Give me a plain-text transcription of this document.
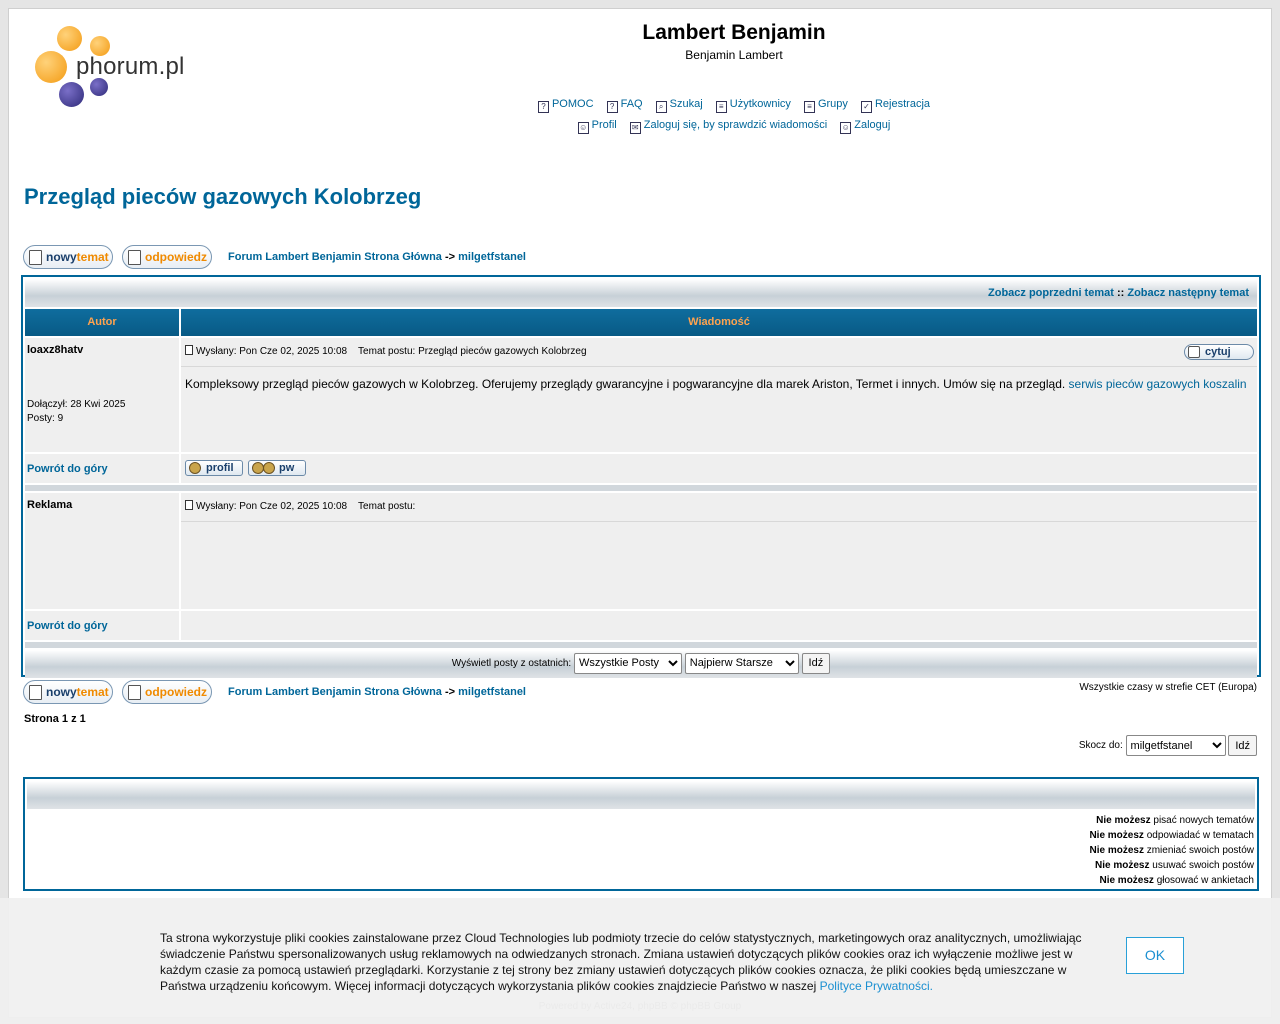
phorum.pl
Lambert Benjamin
Benjamin Lambert
? POMOC ? FAQ ⌕ Szukaj ≡ Użytkownicy ≡ Grupy ✓ Rejestracja
☺ Profil ✉ Zaloguj się, by sprawdzić wiadomości ☺ Zaloguj
Przegląd pieców gazowych Kolobrzeg
nowytemat	odpowiedz	Forum Lambert Benjamin Strona Główna -> milgetfstanel
Zobacz poprzedni temat :: Zobacz następny temat
Autor	Wiadomość
loaxz8hatv
Dołączył: 28 Kwi 2025
Posty: 9
Wysłany: Pon Cze 02, 2025 10:08    Temat postu: Przegląd pieców gazowych Kolobrzeg	cytuj
Kompleksowy przegląd pieców gazowych w Kolobrzeg. Oferujemy przeglądy gwarancyjne i pogwarancyjne dla marek Ariston, Termet i innych. Umów się na przegląd. serwis pieców gazowych koszalin
Powrót do góry	profil	pw
Reklama	Wysłany: Pon Cze 02, 2025 10:08    Temat postu:
Powrót do góry
Wyświetl posty z ostatnich:
Wszystkie Posty
Najpierw Starsze	Idź
nowytemat	odpowiedz	Forum Lambert Benjamin Strona Główna -> milgetfstanel	Wszystkie czasy w strefie CET (Europa)
Strona 1 z 1
Skocz do:
milgetfstanel	Idź
Nie możesz pisać nowych tematów
Nie możesz odpowiadać w tematach
Nie możesz zmieniać swoich postów
Nie możesz usuwać swoich postów
Nie możesz głosować w ankietach
Ta strona wykorzystuje pliki cookies zainstalowane przez Cloud Technologies lub podmioty trzecie do celów statystycznych, marketingowych oraz analitycznych, umożliwiając świadczenie Państwu spersonalizowanych usług reklamowych na odwiedzanych stronach. Zmiana ustawień dotyczących plików cookies oraz ich wyłączenie możliwe jest w każdym czasie za pomocą ustawień przeglądarki. Korzystanie z tej strony bez zmiany ustawień dotyczących plików cookies oznacza, że pliki cookies będą umieszczane w Państwa urządzeniu końcowym. Więcej informacji dotyczących wykorzystania plików cookies znajdziecie Państwo w naszej Polityce Prywatności.
OK
